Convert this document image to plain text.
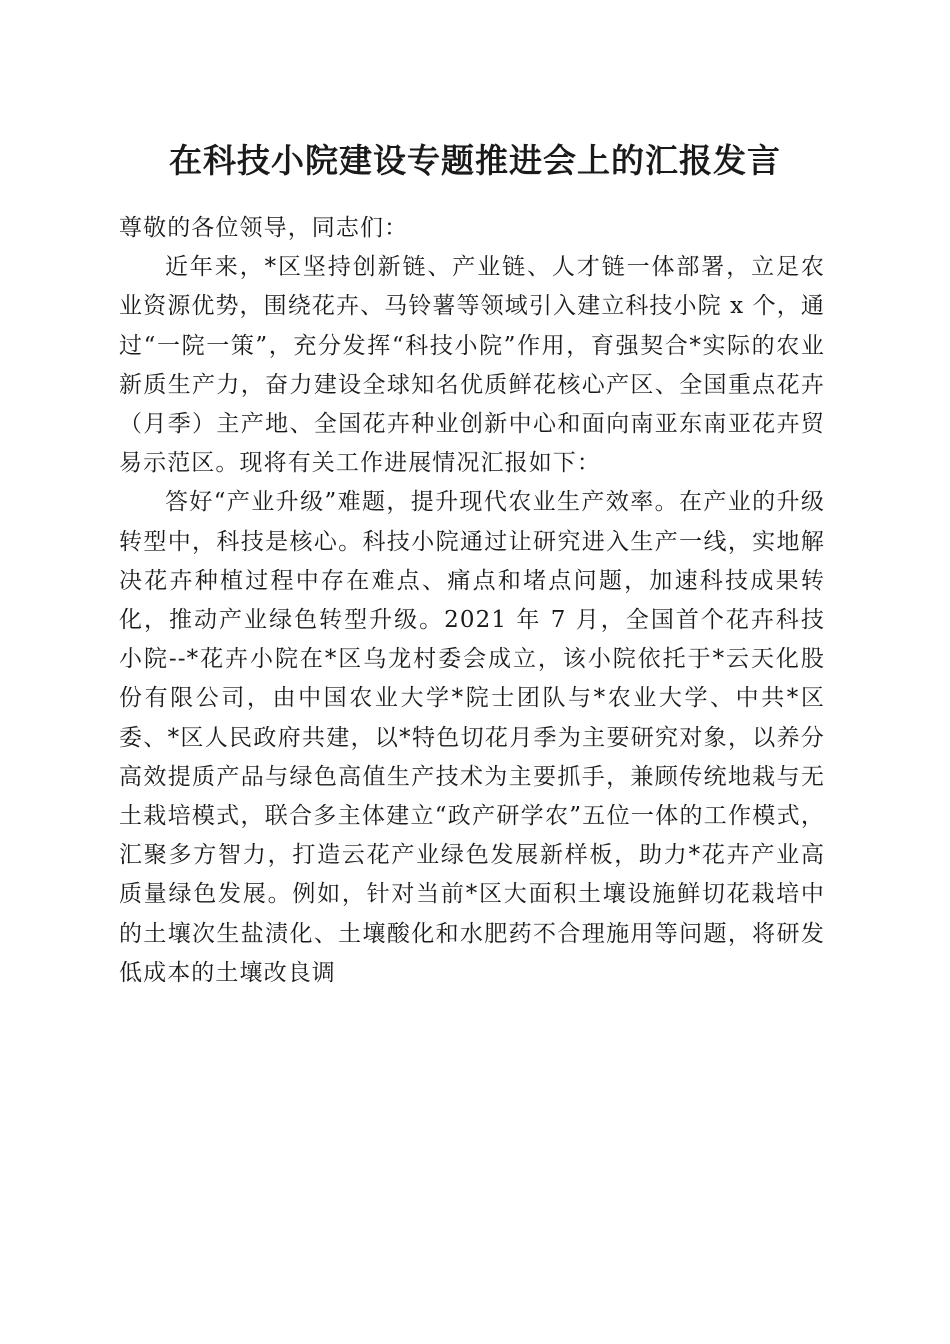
在科技小院建设专题推进会上的汇报发言

尊敬的各位领导，同志们：

近年来，*区坚持创新链、产业链、人才链一体部署，立足农业资源优势，围绕花卉、马铃薯等领域引入建立科技小院 x 个，通过“一院一策”，充分发挥“科技小院”作用，育强契合*实际的农业新质生产力，奋力建设全球知名优质鲜花核心产区、全国重点花卉（月季）主产地、全国花卉种业创新中心和面向南亚东南亚花卉贸易示范区。现将有关工作进展情况汇报如下：

答好“产业升级”难题，提升现代农业生产效率。在产业的升级转型中，科技是核心。科技小院通过让研究进入生产一线，实地解决花卉种植过程中存在难点、痛点和堵点问题，加速科技成果转化，推动产业绿色转型升级。2021 年 7 月，全国首个花卉科技小院--*花卉小院在*区乌龙村委会成立，该小院依托于*云天化股份有限公司，由中国农业大学*院士团队与*农业大学、中共*区委、*区人民政府共建，以*特色切花月季为主要研究对象，以养分高效提质产品与绿色高值生产技术为主要抓手，兼顾传统地栽与无土栽培模式，联合多主体建立“政产研学农”五位一体的工作模式，汇聚多方智力，打造云花产业绿色发展新样板，助力*花卉产业高质量绿色发展。例如，针对当前*区大面积土壤设施鲜切花栽培中的土壤次生盐渍化、土壤酸化和水肥药不合理施用等问题，将研发低成本的土壤改良调
